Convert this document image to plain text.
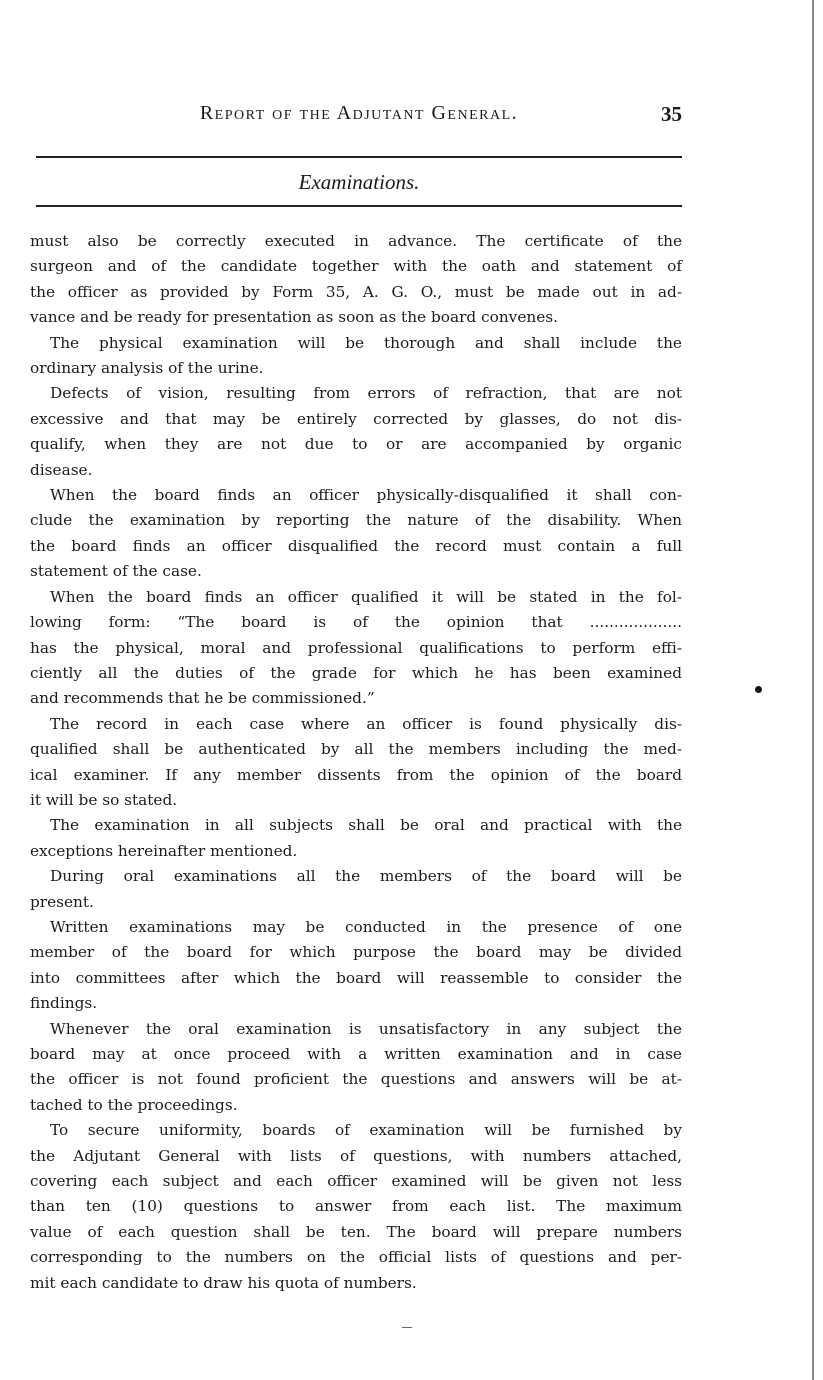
Report of the Adjutant General.	35
Examinations.

must also be correctly executed in advance. The certificate of the

surgeon and of the candidate together with the oath and statement of

the officer as provided by Form 35, A. G. O., must be made out in ad-

vance and be ready for presentation as soon as the board convenes.

The physical examination will be thorough and shall include the

ordinary analysis of the urine.

Defects of vision, resulting from errors of refraction, that are not

excessive and that may be entirely corrected by glasses, do not dis-

qualify, when they are not due to or are accompanied by organic

disease.

When the board finds an officer physically-disqualified it shall con-

clude the examination by reporting the nature of the disability. When

the board finds an officer disqualified the record must contain a full

statement of the case.

When the board finds an officer qualified it will be stated in the fol-

lowing form: “The board is of the opinion that ...................

has the physical, moral and professional qualifications to perform effi-

ciently all the duties of the grade for which he has been examined

and recommends that he be commissioned.”

The record in each case where an officer is found physically dis-

qualified shall be authenticated by all the members including the med-

ical examiner. If any member dissents from the opinion of the board

it will be so stated.

The examination in all subjects shall be oral and practical with the

exceptions hereinafter mentioned.

During oral examinations all the members of the board will be

present.

Written examinations may be conducted in the presence of one

member of the board for which purpose the board may be divided

into committees after which the board will reassemble to consider the

findings.

Whenever the oral examination is unsatisfactory in any subject the

board may at once proceed with a written examination and in case

the officer is not found proficient the questions and answers will be at-

tached to the proceedings.

To secure uniformity, boards of examination will be furnished by

the Adjutant General with lists of questions, with numbers attached,

covering each subject and each officer examined will be given not less

than ten (10) questions to answer from each list. The maximum

value of each question shall be ten. The board will prepare numbers

corresponding to the numbers on the official lists of questions and per-

mit each candidate to draw his quota of numbers.
